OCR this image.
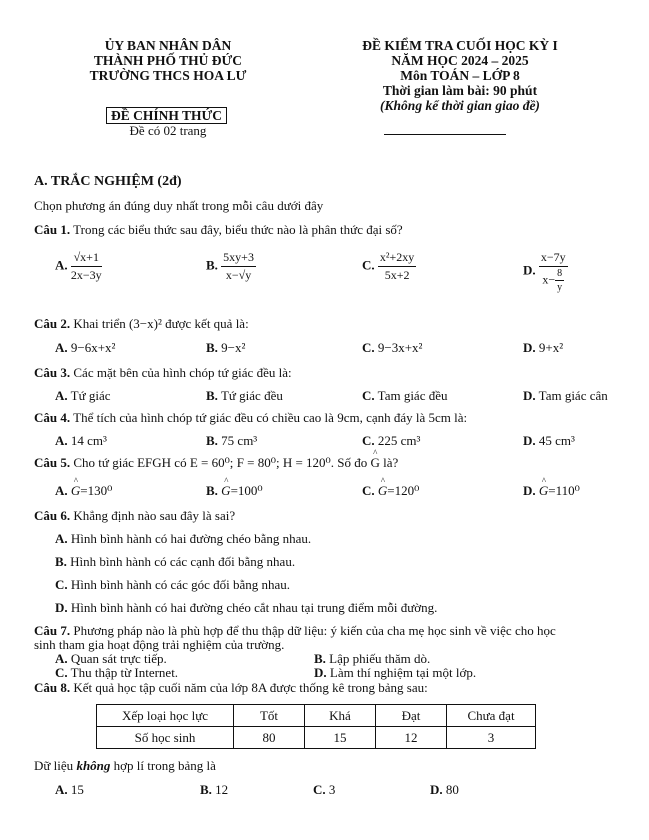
ỦY BAN NHÂN DÂN
THÀNH PHỐ THỦ ĐỨC
TRƯỜNG THCS HOA LƯ
ĐỀ CHÍNH THỨC
Đề có 02 trang
ĐỀ KIỂM TRA CUỐI HỌC KỲ I
NĂM HỌC 2024 – 2025
Môn TOÁN – LỚP 8
Thời gian làm bài: 90 phút
(Không kể thời gian giao đề)
A. TRẮC NGHIỆM (2đ)
Chọn phương án đúng duy nhất trong mỗi câu dưới đây
Câu 1. Trong các biểu thức sau đây, biểu thức nào là phân thức đại số?
A. $\frac{√x+1}{2x-3y}$	B. $\frac{5xy+3}{x-√y}$	C. $\frac{\text{x²+2xy}}{5x+2}$	D. $\frac{x-7y}{x- \frac{8}{y}}$
Câu 2. Khai triển (3−x)² được kết quả là:
A. 9−6x+x²	B. 9−x²	C. 9−3x+x²	D. 9+x²
Câu 3. Các mặt bên của hình chóp tứ giác đều là:
A. Tứ giác	B. Tứ giác đều	C. Tam giác đều	D. Tam giác cân
Câu 4. Thể tích của hình chóp tứ giác đều có chiều cao là 9cm, cạnh đáy là 5cm là:
A. 14 cm³	B. 75 cm³	C. 225 cm³	D. 45 cm³
Câu 5. Cho tứ giác EFGH có E = 60⁰; F = 80⁰; H = 120⁰. Số đo ^ G là?
A. ^ G=130⁰	B. ^ G=100⁰	C. ^ G=120⁰	D. ^ G=110⁰
Câu 6. Khẳng định nào sau đây là sai?
A. Hình bình hành có hai đường chéo bằng nhau.
B. Hình bình hành có các cạnh đối bằng nhau.
C. Hình bình hành có các góc đối bằng nhau.
D. Hình bình hành có hai đường chéo cắt nhau tại trung điểm mỗi đường.
Câu 7. Phương pháp nào là phù hợp để thu thập dữ liệu: ý kiến của cha mẹ học sinh về việc cho học
sinh tham gia hoạt động trải nghiệm của trường.
A. Quan sát trực tiếp.	B. Lập phiếu thăm dò.
C. Thu thập từ Internet.	D. Làm thí nghiệm tại một lớp.
Câu 8. Kết quả học tập cuối năm của lớp 8A được thống kê trong bảng sau:
Xếp loại học lực	Tốt	Khá	Đạt	Chưa đạt
Số học sinh	80	15	12	3
Dữ liệu không hợp lí trong bảng là
A. 15	B. 12	C. 3	D. 80
